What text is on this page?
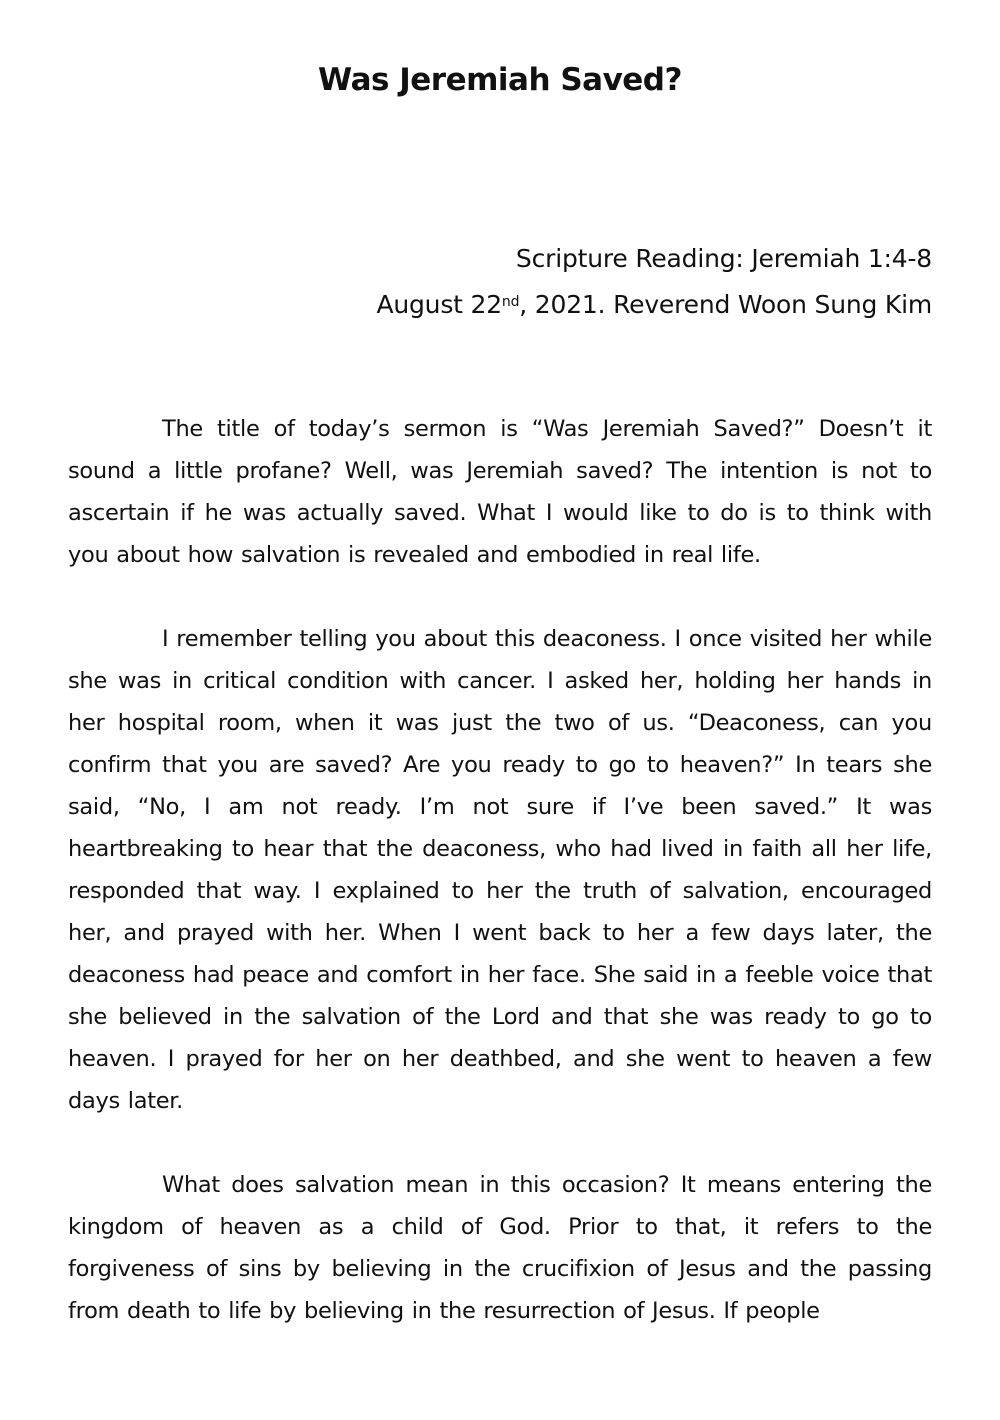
Was Jeremiah Saved?
Scripture Reading: Jeremiah 1:4-8
August 22nd, 2021. Reverend Woon Sung Kim

The title of today’s sermon is “Was Jeremiah Saved?” Doesn’t it sound a little profane? Well, was Jeremiah saved? The intention is not to ascertain if he was actually saved. What I would like to do is to think with you about how salvation is revealed and embodied in real life.

I remember telling you about this deaconess. I once visited her while she was in critical condition with cancer. I asked her, holding her hands in her hospital room, when it was just the two of us. “Deaconess, can you confirm that you are saved? Are you ready to go to heaven?” In tears she said, “No, I am not ready. I’m not sure if I’ve been saved.” It was heartbreaking to hear that the deaconess, who had lived in faith all her life, responded that way. I explained to her the truth of salvation, encouraged her, and prayed with her. When I went back to her a few days later, the deaconess had peace and comfort in her face. She said in a feeble voice that she believed in the salvation of the Lord and that she was ready to go to heaven. I prayed for her on her deathbed, and she went to heaven a few days later.

What does salvation mean in this occasion? It means entering the kingdom of heaven as a child of God. Prior to that, it refers to the forgiveness of sins by believing in the crucifixion of Jesus and the passing from death to life by believing in the resurrection of Jesus. If people
